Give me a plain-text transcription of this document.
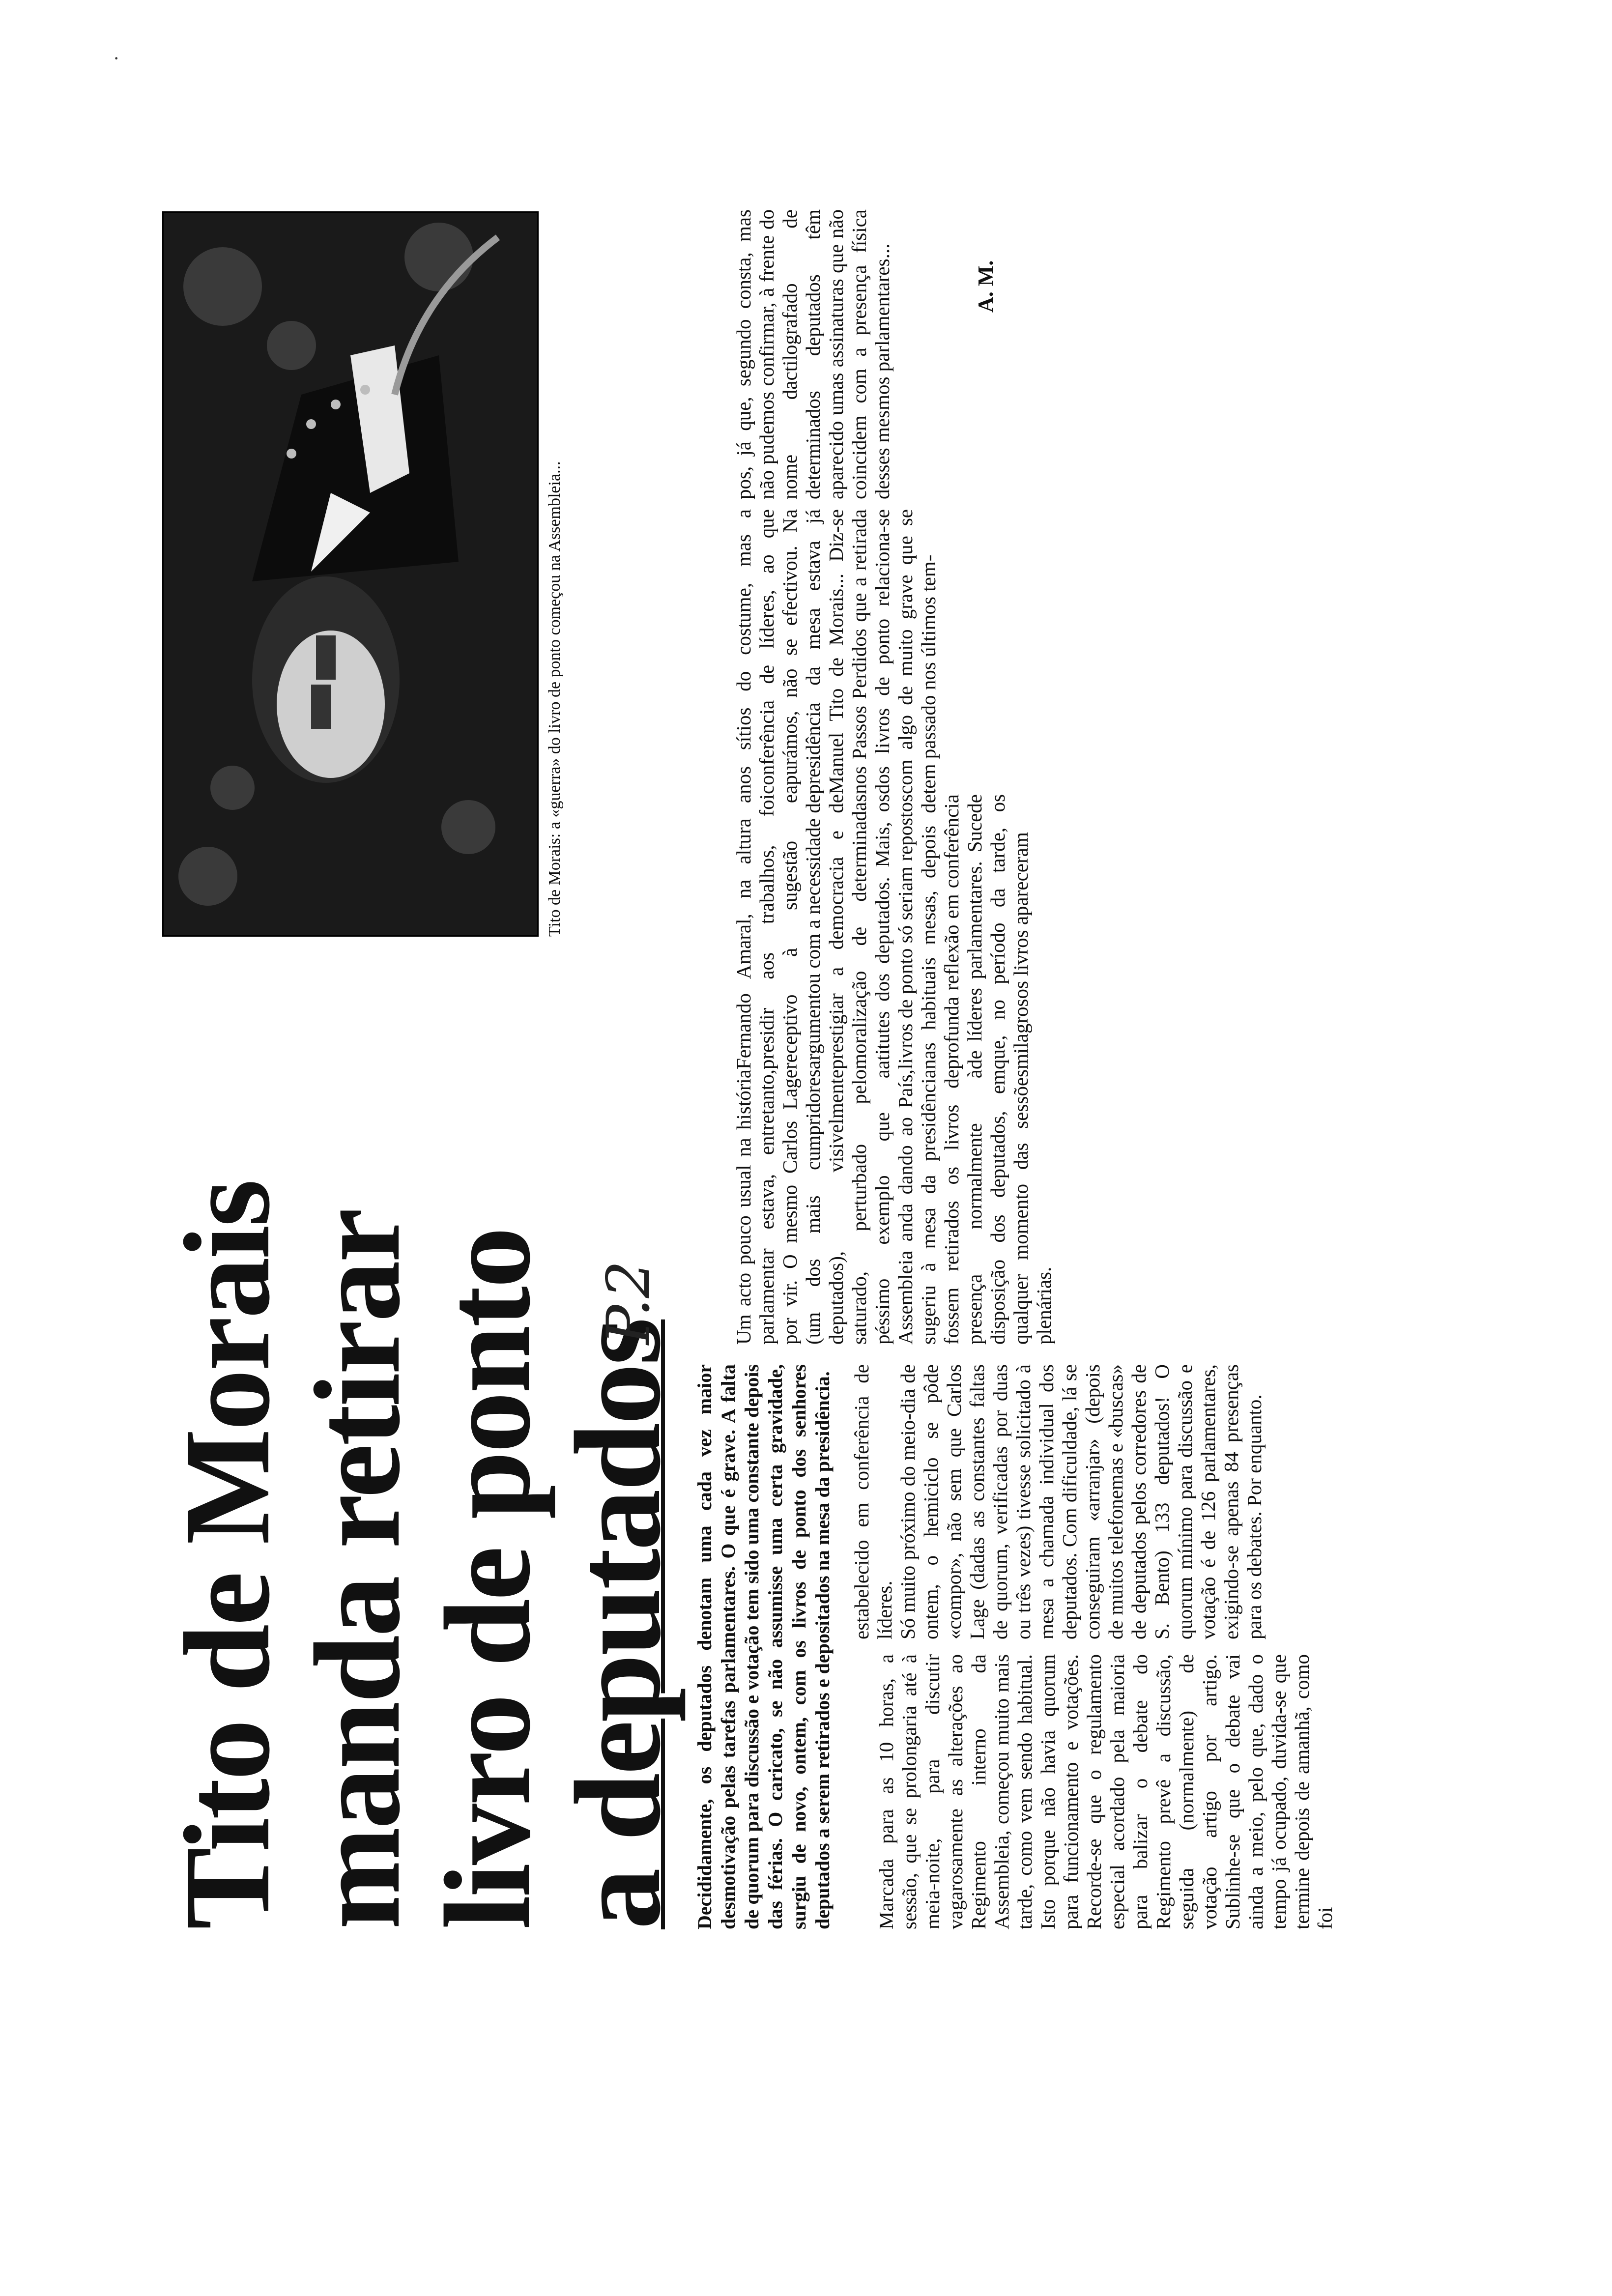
Tito de Morais
manda retirar
livro de ponto
a deputados
P.2

Decididamente, os deputados denotam uma cada vez maior desmotivação pelas tarefas parlamentares. O que é grave. A falta de quorum para discussão e votação tem sido uma constante depois das férias. O caricato, se não assumisse uma certa gravidade, surgiu de novo, ontem, com os livros de ponto dos senhores deputados a serem retirados e depositados na mesa da presidência. Marcada para as 10 horas, a sessão, que se prolongaria até à meia-noite, para discutir vagarosamente as alterações ao Regimento interno da Assembleia, começou muito mais tarde, como vem sendo habitual. Isto porque não havia quorum para funcionamento e votações. Recorde-se que o regulamento especial acordado pela maioria para balizar o debate do Regimento prevê a discussão, seguida (normalmente) de votação artigo por artigo. Sublinhe-se que o debate vai ainda a meio, pelo que, dado o tempo já ocupado, duvida-se que termine depois de amanhã, como foi

estabelecido em conferência de líderes.
Só muito próximo do meio-dia de ontem, o hemiciclo se pôde «compor», não sem que Carlos Lage (dadas as constantes faltas de quorum, verificadas por duas ou três vezes) tivesse solicitado à mesa a chamada individual dos deputados. Com dificuldade, lá se conseguiram «arranjar» (depois de muitos telefonemas e «buscas» de deputados pelos corredores de S. Bento) 133 deputados! O quorum mínimo para discussão e votação é de 126 parlamentares, exigindo-se apenas 84 presenças para os debates. Por enquanto.

Um acto pouco usual na história parlamentar estava, entretanto, por vir. O mesmo Carlos Lage (um dos mais cumpridores deputados), visivelmente saturado, perturbado pelo péssimo exemplo que a Assembleia anda dando ao País, sugeriu à mesa da presidência fossem retirados os livros de presença normalmente à disposição dos deputados, em qualquer momento das sessões plenárias.

Fernando Amaral, na altura a presidir aos trabalhos, foi receptivo à sugestão e argumentou com a necessidade de prestigiar a democracia e de moralização de determinadas atitutes dos deputados. Mais, os livros de ponto só seriam repostos nas habituais mesas, depois de profunda reflexão em conferência de líderes parlamentares. Sucede que, no período da tarde, os milagrosos livros apareceram

nos sítios do costume, mas a conferência de líderes, ao que apurámos, não se efectivou. Na presidência da mesa estava já Manuel Tito de Morais... Diz-se nos Passos Perdidos que a retirada dos livros de ponto relaciona-se com algo de muito grave que se tem passado nos últimos tem-

pos, já que, segundo consta, mas não pudemos confirmar, à frente do nome dactilografado de determinados deputados têm aparecido umas assinaturas que não coincidem com a presença física desses mesmos parlamentares...	A. M.
Tito de Morais: a «guerra» do livro de ponto começou na Assembleia...
·
